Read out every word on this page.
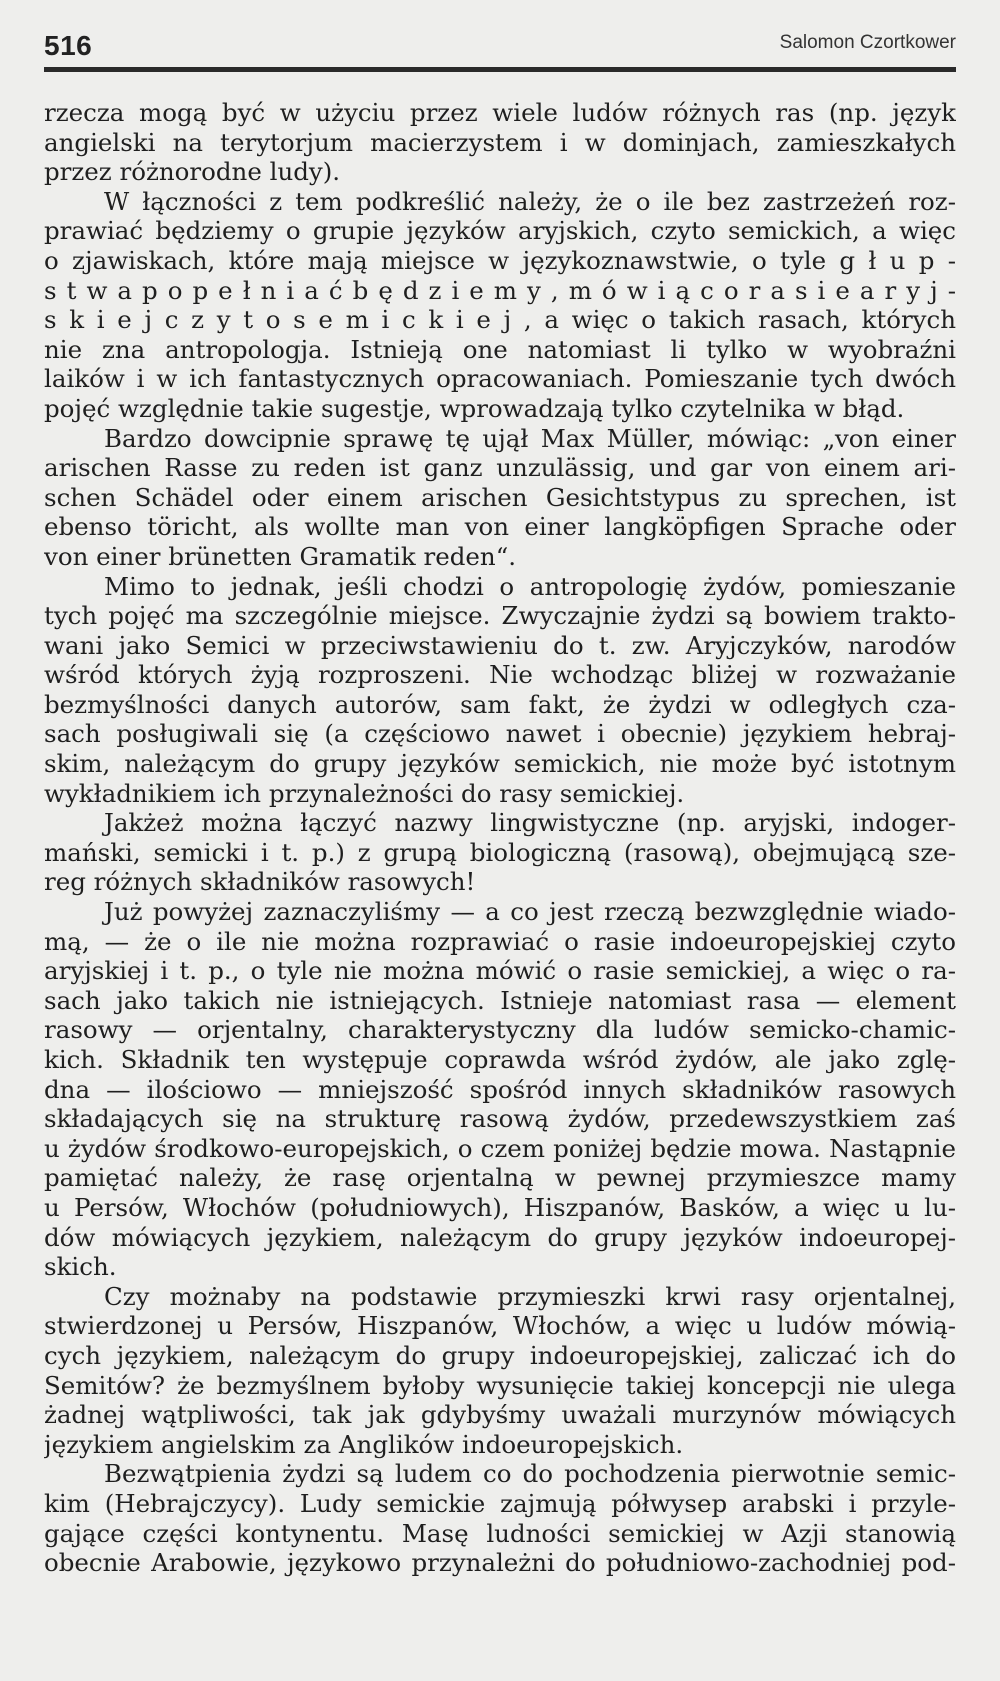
516	Salomon Czortkower
rzecza mogą być w użyciu przez wiele ludów różnych ras (np. język
angielski na terytorjum macierzystem i w dominjach, zamieszkałych
przez różnorodne ludy).
W łączności z tem podkreślić należy, że o ile bez zastrzeżeń roz-
prawiać będziemy o grupie języków aryjskich, czyto semickich, a więc
o zjawiskach, które mają miejsce w językoznawstwie, o tyle g ł u p -
s t w a p o p e ł n i a ć b ę d z i e m y , m ó w i ą c o r a s i e a r y j -
s k i e j c z y t o s e m i c k i e j , a więc o takich rasach, których
nie zna antropologja. Istnieją one natomiast li tylko w wyobraźni
laików i w ich fantastycznych opracowaniach. Pomieszanie tych dwóch
pojęć względnie takie sugestje, wprowadzają tylko czytelnika w błąd.
Bardzo dowcipnie sprawę tę ujął Max Müller, mówiąc: „von einer
arischen Rasse zu reden ist ganz unzulässig, und gar von einem ari-
schen Schädel oder einem arischen Gesichtstypus zu sprechen, ist
ebenso töricht, als wollte man von einer langköpfigen Sprache oder
von einer brünetten Gramatik reden“.
Mimo to jednak, jeśli chodzi o antropologię żydów, pomieszanie
tych pojęć ma szczególnie miejsce. Zwyczajnie żydzi są bowiem trakto-
wani jako Semici w przeciwstawieniu do t. zw. Aryjczyków, narodów
wśród których żyją rozproszeni. Nie wchodząc bliżej w rozważanie
bezmyślności danych autorów, sam fakt, że żydzi w odległych cza-
sach posługiwali się (a częściowo nawet i obecnie) językiem hebraj-
skim, należącym do grupy języków semickich, nie może być istotnym
wykładnikiem ich przynależności do rasy semickiej.
Jakżeż można łączyć nazwy lingwistyczne (np. aryjski, indoger-
mański, semicki i t. p.) z grupą biologiczną (rasową), obejmującą sze-
reg różnych składników rasowych!
Już powyżej zaznaczyliśmy — a co jest rzeczą bezwzględnie wiado-
mą, — że o ile nie można rozprawiać o rasie indoeuropejskiej czyto
aryjskiej i t. p., o tyle nie można mówić o rasie semickiej, a więc o ra-
sach jako takich nie istniejących. Istnieje natomiast rasa — element
rasowy — orjentalny, charakterystyczny dla ludów semicko-chamic-
kich. Składnik ten występuje coprawda wśród żydów, ale jako zglę-
dna — ilościowo — mniejszość spośród innych składników rasowych
składających się na strukturę rasową żydów, przedewszystkiem zaś
u żydów środkowo-europejskich, o czem poniżej będzie mowa. Nastąpnie
pamiętać należy, że rasę orjentalną w pewnej przymieszce mamy
u Persów, Włochów (południowych), Hiszpanów, Basków, a więc u lu-
dów mówiących językiem, należącym do grupy języków indoeuropej-
skich.
Czy możnaby na podstawie przymieszki krwi rasy orjentalnej,
stwierdzonej u Persów, Hiszpanów, Włochów, a więc u ludów mówią-
cych językiem, należącym do grupy indoeuropejskiej, zaliczać ich do
Semitów? że bezmyślnem byłoby wysunięcie takiej koncepcji nie ulega
żadnej wątpliwości, tak jak gdybyśmy uważali murzynów mówiących
językiem angielskim za Anglików indoeuropejskich.
Bezwątpienia żydzi są ludem co do pochodzenia pierwotnie semic-
kim (Hebrajczycy). Ludy semickie zajmują półwysep arabski i przyle-
gające części kontynentu. Masę ludności semickiej w Azji stanowią
obecnie Arabowie, językowo przynależni do południowo-zachodniej pod-
